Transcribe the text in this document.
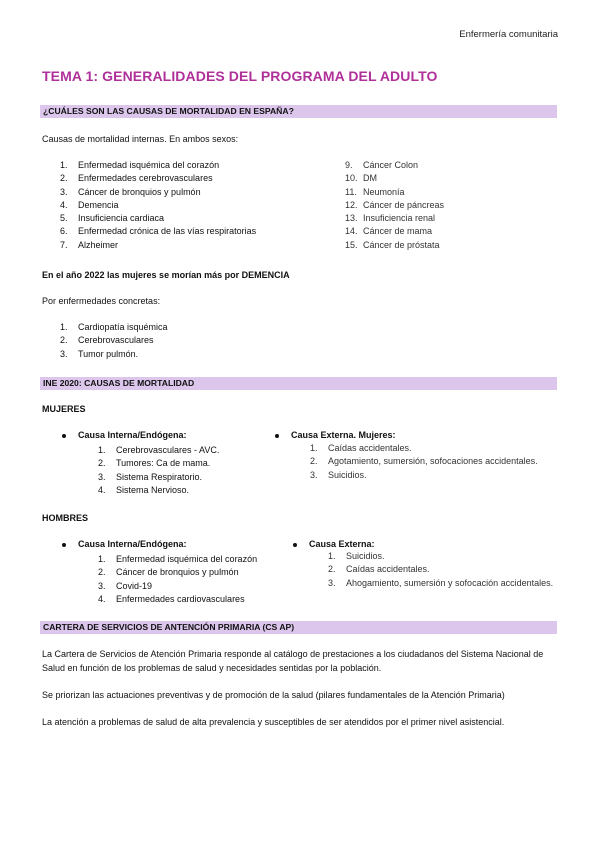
Enfermería comunitaria
TEMA 1: GENERALIDADES DEL PROGRAMA DEL ADULTO
¿CUÁLES SON LAS CAUSAS DE MORTALIDAD EN ESPAÑA?
Causas de mortalidad internas. En ambos sexos:
1. Enfermedad isquémica del corazón
2. Enfermedades cerebrovasculares
3. Cáncer de bronquios y pulmón
4. Demencia
5. Insuficiencia cardiaca
6. Enfermedad crónica de las vías respiratorias
7. Alzheimer
9. Cáncer Colon
10. DM
11. Neumonía
12. Cáncer de páncreas
13. Insuficiencia renal
14. Cáncer de mama
15. Cáncer de próstata
En el año 2022 las mujeres se morían más por DEMENCIA
Por enfermedades concretas:
1. Cardiopatía isquémica
2. Cerebrovasculares
3. Tumor pulmón.
INE 2020: CAUSAS DE MORTALIDAD
MUJERES
Causa Interna/Endógena:
1. Cerebrovasculares - AVC.
2. Tumores: Ca de mama.
3. Sistema Respiratorio.
4. Sistema Nervioso.
Causa Externa. Mujeres:
1. Caídas accidentales.
2. Agotamiento, sumersión, sofocaciones accidentales.
3. Suicidios.
HOMBRES
Causa Interna/Endógena:
1. Enfermedad isquémica del corazón
2. Cáncer de bronquios y pulmón
3. Covid-19
4. Enfermedades cardiovasculares
Causa Externa:
1. Suicidios.
2. Caídas accidentales.
3. Ahogamiento, sumersión y sofocación accidentales.
CARTERA DE SERVICIOS DE ANTENCIÓN PRIMARIA (CS AP)
La Cartera de Servicios de Atención Primaria responde al catálogo de prestaciones a los ciudadanos del Sistema Nacional de Salud en función de los problemas de salud y necesidades sentidas por la población.
Se priorizan las actuaciones preventivas y de promoción de la salud (pilares fundamentales de la Atención Primaria)
La atención a problemas de salud de alta prevalencia y susceptibles de ser atendidos por el primer nivel asistencial.
